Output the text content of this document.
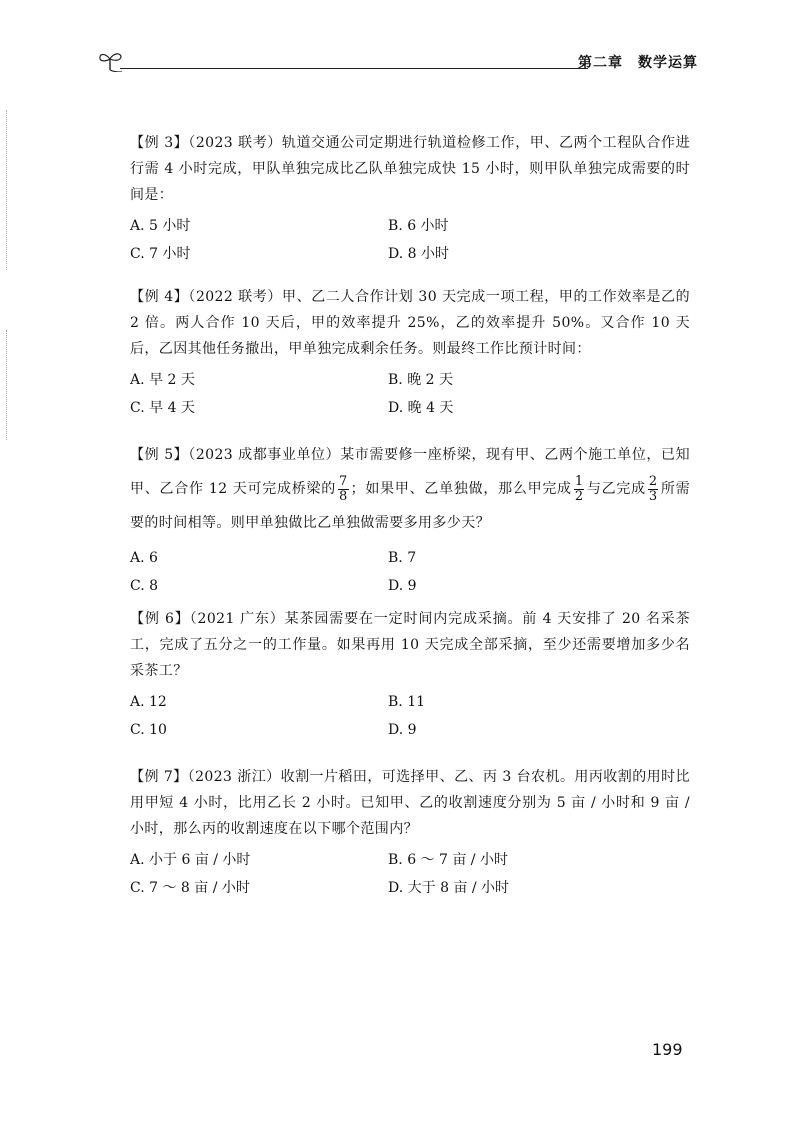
第二章　数学运算
【例 3】（2023 联考）轨道交通公司定期进行轨道检修工作，甲、乙两个工程队合作进行需 4 小时完成，甲队单独完成比乙队单独完成快 15 小时，则甲队单独完成需要的时间是：
A. 5 小时	B. 6 小时
C. 7 小时	D. 8 小时
【例 4】（2022 联考）甲、乙二人合作计划 30 天完成一项工程，甲的工作效率是乙的 2 倍。两人合作 10 天后，甲的效率提升 25%，乙的效率提升 50%。又合作 10 天后，乙因其他任务撤出，甲单独完成剩余任务。则最终工作比预计时间：
A. 早 2 天	B. 晚 2 天
C. 早 4 天	D. 晚 4 天
【例 5】（2023 成都事业单位）某市需要修一座桥梁，现有甲、乙两个施工单位，已知甲、乙合作 12 天可完成桥梁的 $\frac{7}{8}$ ；如果甲、乙单独做，那么甲完成 $\frac{1}{2}$ 与乙完成 $\frac{2}{3}$ 所需要的时间相等。则甲单独做比乙单独做需要多用多少天？
A. 6	B. 7
C. 8	D. 9
【例 6】（2021 广东）某茶园需要在一定时间内完成采摘。前 4 天安排了 20 名采茶工，完成了五分之一的工作量。如果再用 10 天完成全部采摘，至少还需要增加多少名采茶工？
A. 12	B. 11
C. 10	D. 9
【例 7】（2023 浙江）收割一片稻田，可选择甲、乙、丙 3 台农机。用丙收割的用时比用甲短 4 小时，比用乙长 2 小时。已知甲、乙的收割速度分别为 5 亩 / 小时和 9 亩 / 小时，那么丙的收割速度在以下哪个范围内？
A. 小于 6 亩 / 小时	B. 6 ～ 7 亩 / 小时
C. 7 ～ 8 亩 / 小时	D. 大于 8 亩 / 小时
199
